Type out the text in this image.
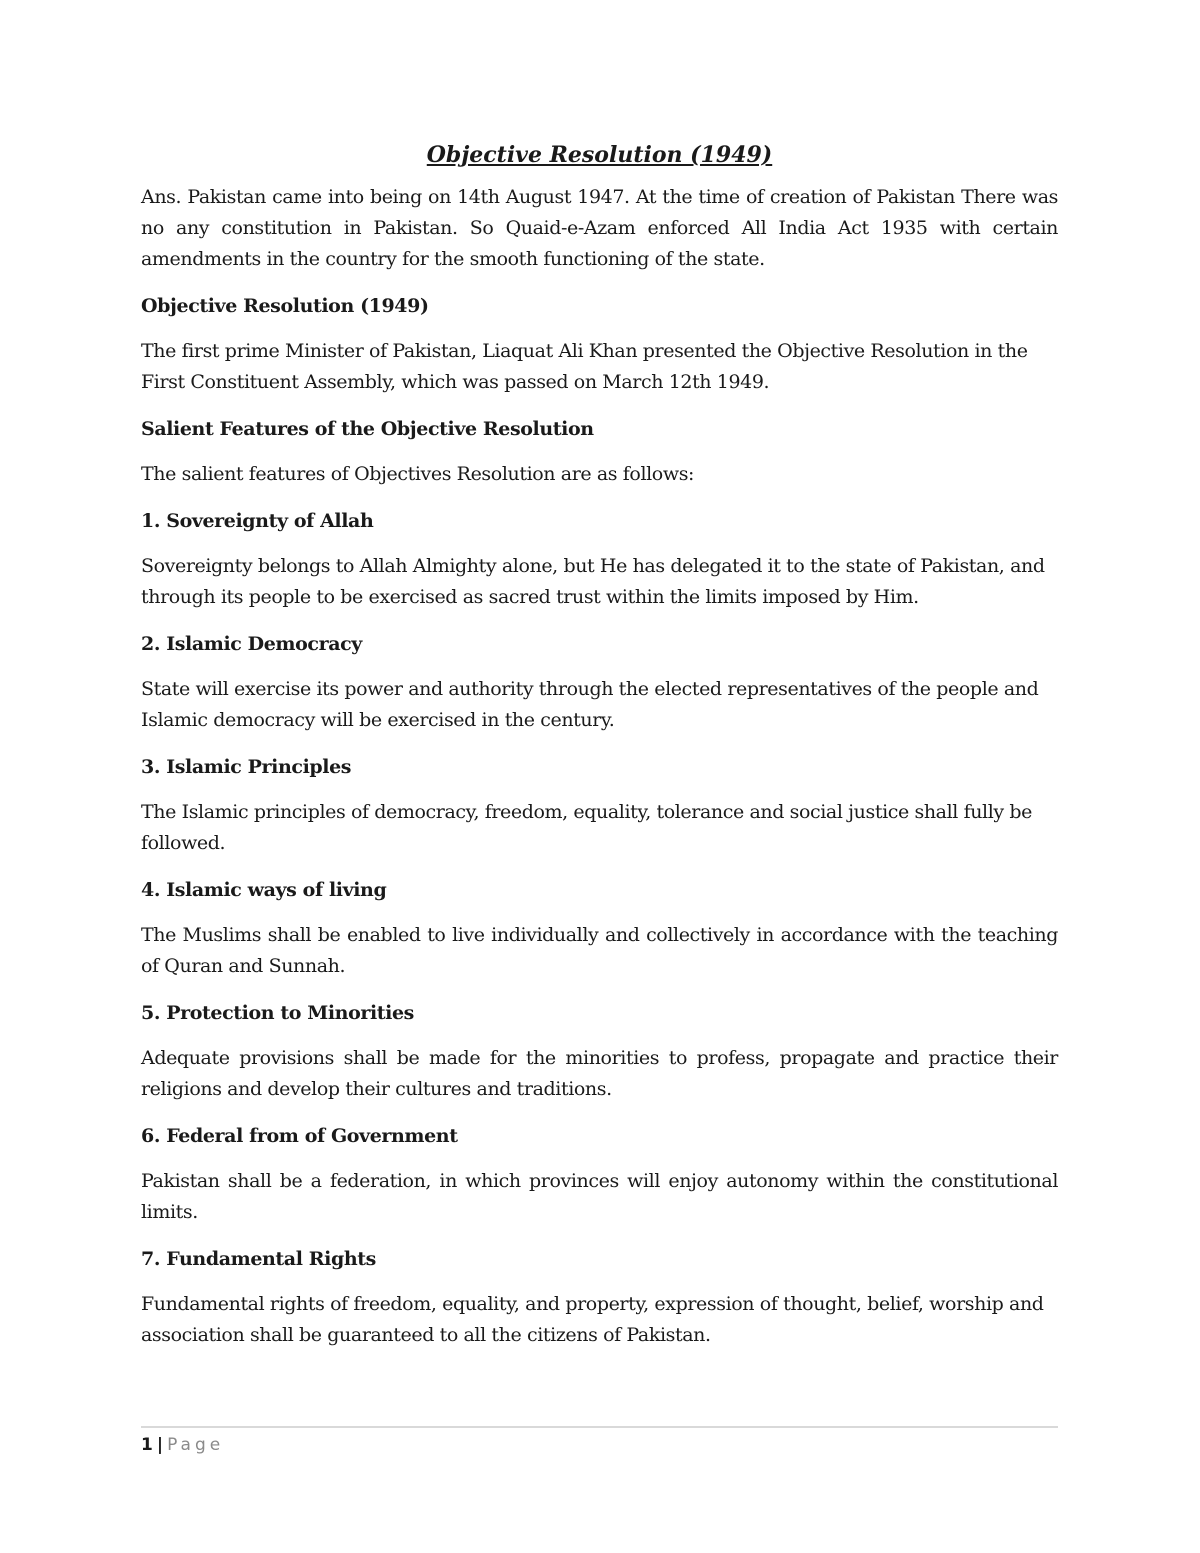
Objective Resolution (1949)

Ans. Pakistan came into being on 14th August 1947. At the time of creation of Pakistan There was no any constitution in Pakistan. So Quaid-e-Azam enforced All India Act 1935 with certain amendments in the country for the smooth functioning of the state.

Objective Resolution (1949)

The first prime Minister of Pakistan, Liaquat Ali Khan presented the Objective Resolution in the First Constituent Assembly, which was passed on March 12th 1949.

Salient Features of the Objective Resolution

The salient features of Objectives Resolution are as follows:

1. Sovereignty of Allah

Sovereignty belongs to Allah Almighty alone, but He has delegated it to the state of Pakistan, and through its people to be exercised as sacred trust within the limits imposed by Him.

2. Islamic Democracy

State will exercise its power and authority through the elected representatives of the people and Islamic democracy will be exercised in the century.

3. Islamic Principles

The Islamic principles of democracy, freedom, equality, tolerance and social justice shall fully be followed.

4. Islamic ways of living

The Muslims shall be enabled to live individually and collectively in accordance with the teaching of Quran and Sunnah.

5. Protection to Minorities

Adequate provisions shall be made for the minorities to profess, propagate and practice their religions and develop their cultures and traditions.

6. Federal from of Government

Pakistan shall be a federation, in which provinces will enjoy autonomy within the constitutional limits.

7. Fundamental Rights

Fundamental rights of freedom, equality, and property, expression of thought, belief, worship and association shall be guaranteed to all the citizens of Pakistan.

1 | Page
